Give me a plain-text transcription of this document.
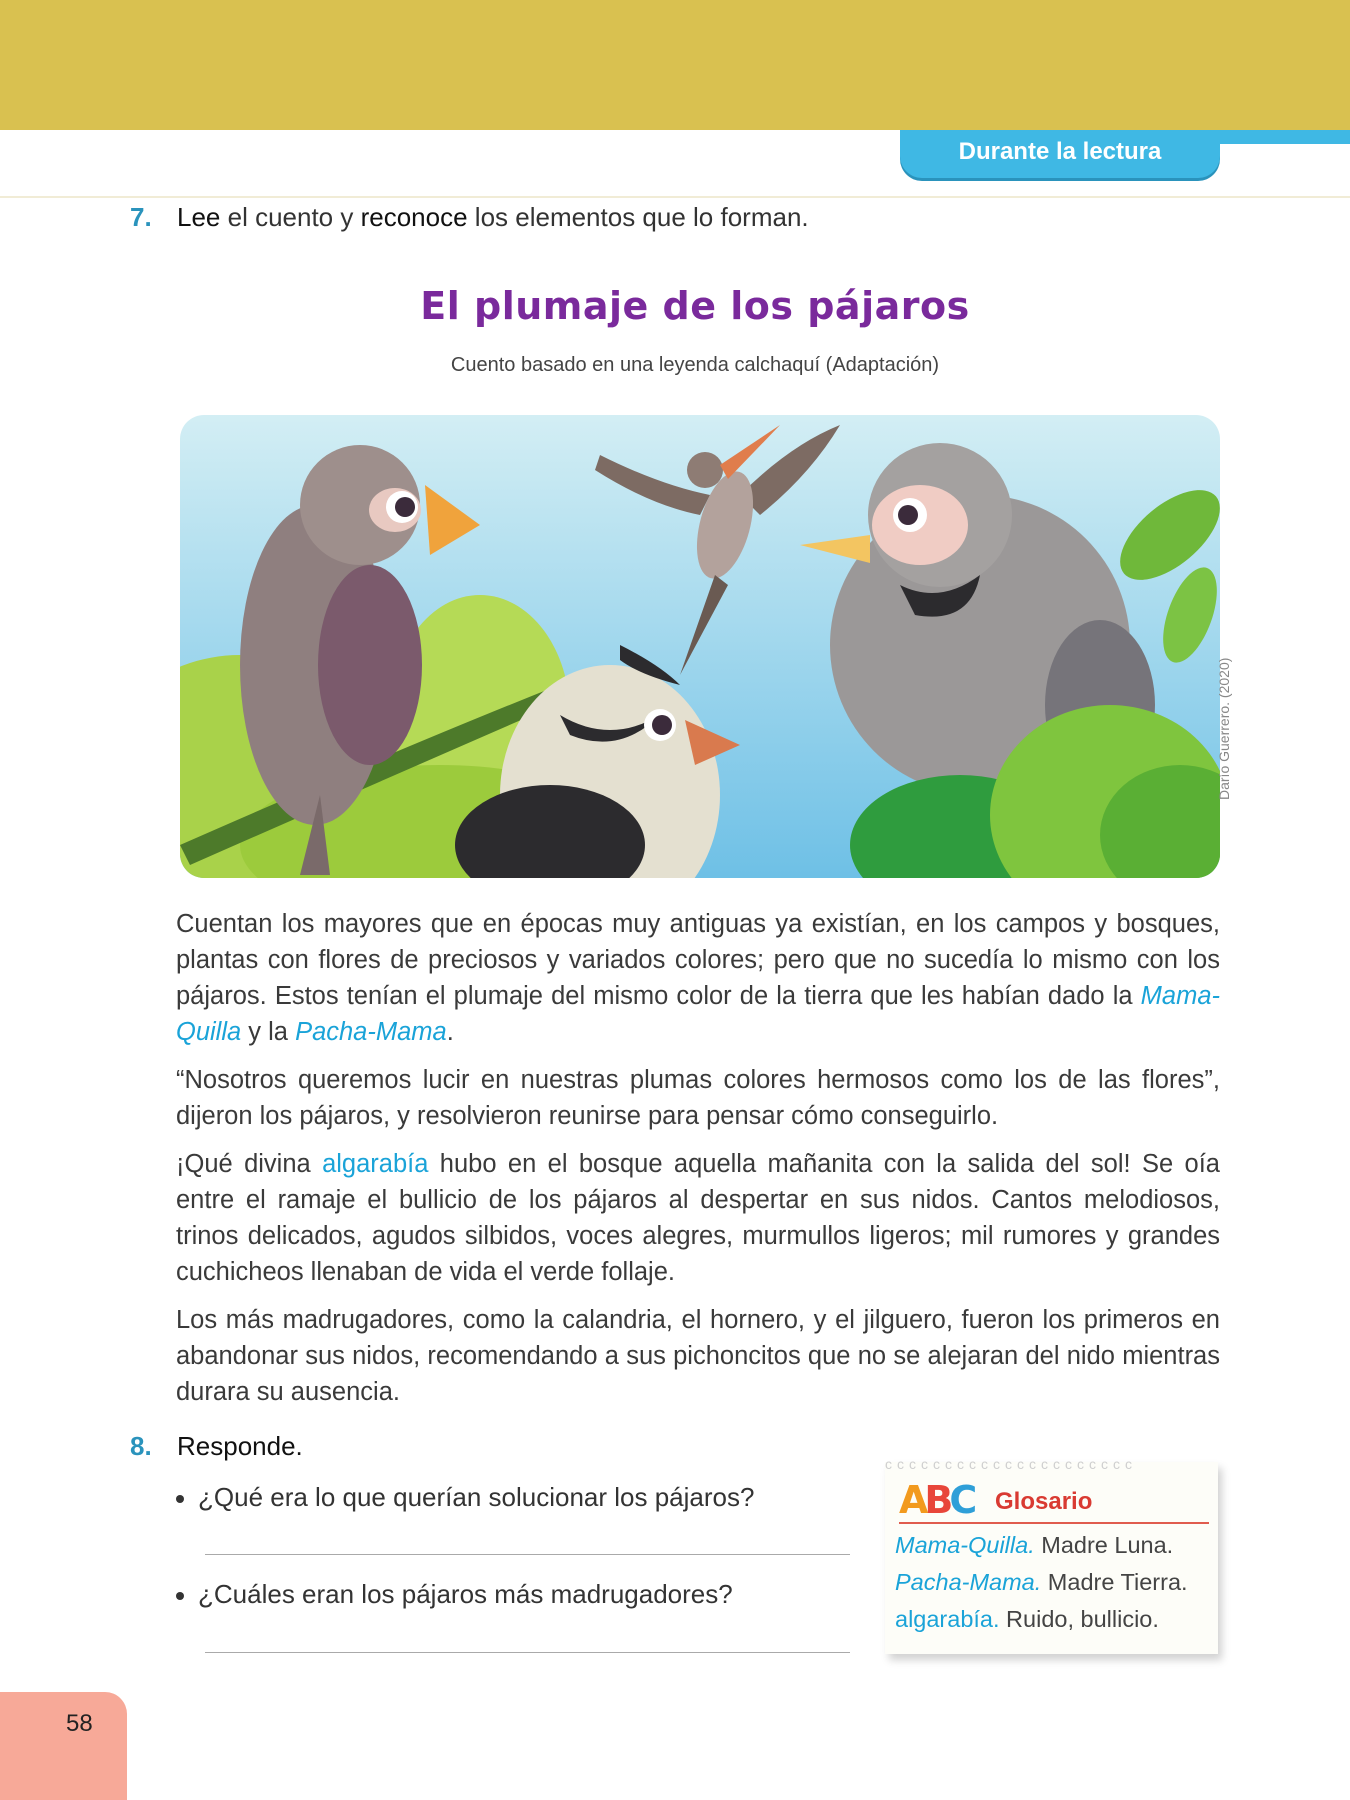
Durante la lectura
7. Lee el cuento y reconoce los elementos que lo forman.
El plumaje de los pájaros
Cuento basado en una leyenda calchaquí (Adaptación)
Darío Guerrero. (2020)

Cuentan los mayores que en épocas muy antiguas ya existían, en los campos y bosques, plantas con flores de preciosos y variados colores; pero que no sucedía lo mismo con los pájaros. Estos tenían el plumaje del mismo color de la tierra que les habían dado la Mama-Quilla y la Pacha-Mama.

“Nosotros queremos lucir en nuestras plumas colores hermosos como los de las flores”, dijeron los pájaros, y resolvieron reunirse para pensar cómo conseguirlo.

¡Qué divina algarabía hubo en el bosque aquella mañanita con la salida del sol! Se oía entre el ramaje el bullicio de los pájaros al despertar en sus nidos. Cantos melodiosos, trinos delicados, agudos silbidos, voces alegres, murmullos ligeros; mil rumores y grandes cuchicheos llenaban de vida el verde follaje.

Los más madrugadores, como la calandria, el hornero, y el jilguero, fueron los primeros en abandonar sus nidos, recomendando a sus pichoncitos que no se alejaran del nido mientras durara su ausencia.

8. Responde.
¿Qué era lo que querían solucionar los pájaros?
¿Cuáles eran los pájaros más madrugadores?
ccccccccccccccccccccc
ABC Glosario
Mama-Quilla. Madre Luna.
Pacha-Mama. Madre Tierra.
algarabía. Ruido, bullicio.
58
